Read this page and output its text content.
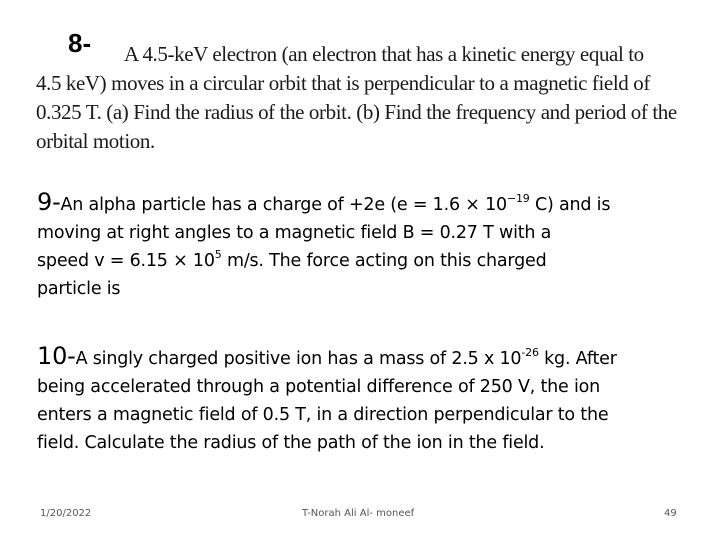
8-	A 4.5-keV electron (an electron that has a kinetic energy equal to
4.5 keV) moves in a circular orbit that is perpendicular to a magnetic field of
0.325 T. (a) Find the radius of the orbit. (b) Find the frequency and period of the
orbital motion.
9-An alpha particle has a charge of +2e ($e = 1.6 \times 10^{-19}$ C) and is
moving at right angles to a magnetic field B = 0.27 T with a
speed $v = 6.15 \times 10^5$ m/s. The force acting on this charged
particle is
10-A singly charged positive ion has a mass of 2.5 x $10^{-26}$ kg. After
being accelerated through a potential difference of 250 V, the ion
enters a magnetic field of 0.5 T, in a direction perpendicular to the
field. Calculate the radius of the path of the ion in the field.
1/20/2022	T-Norah Ali Al- moneef	49
